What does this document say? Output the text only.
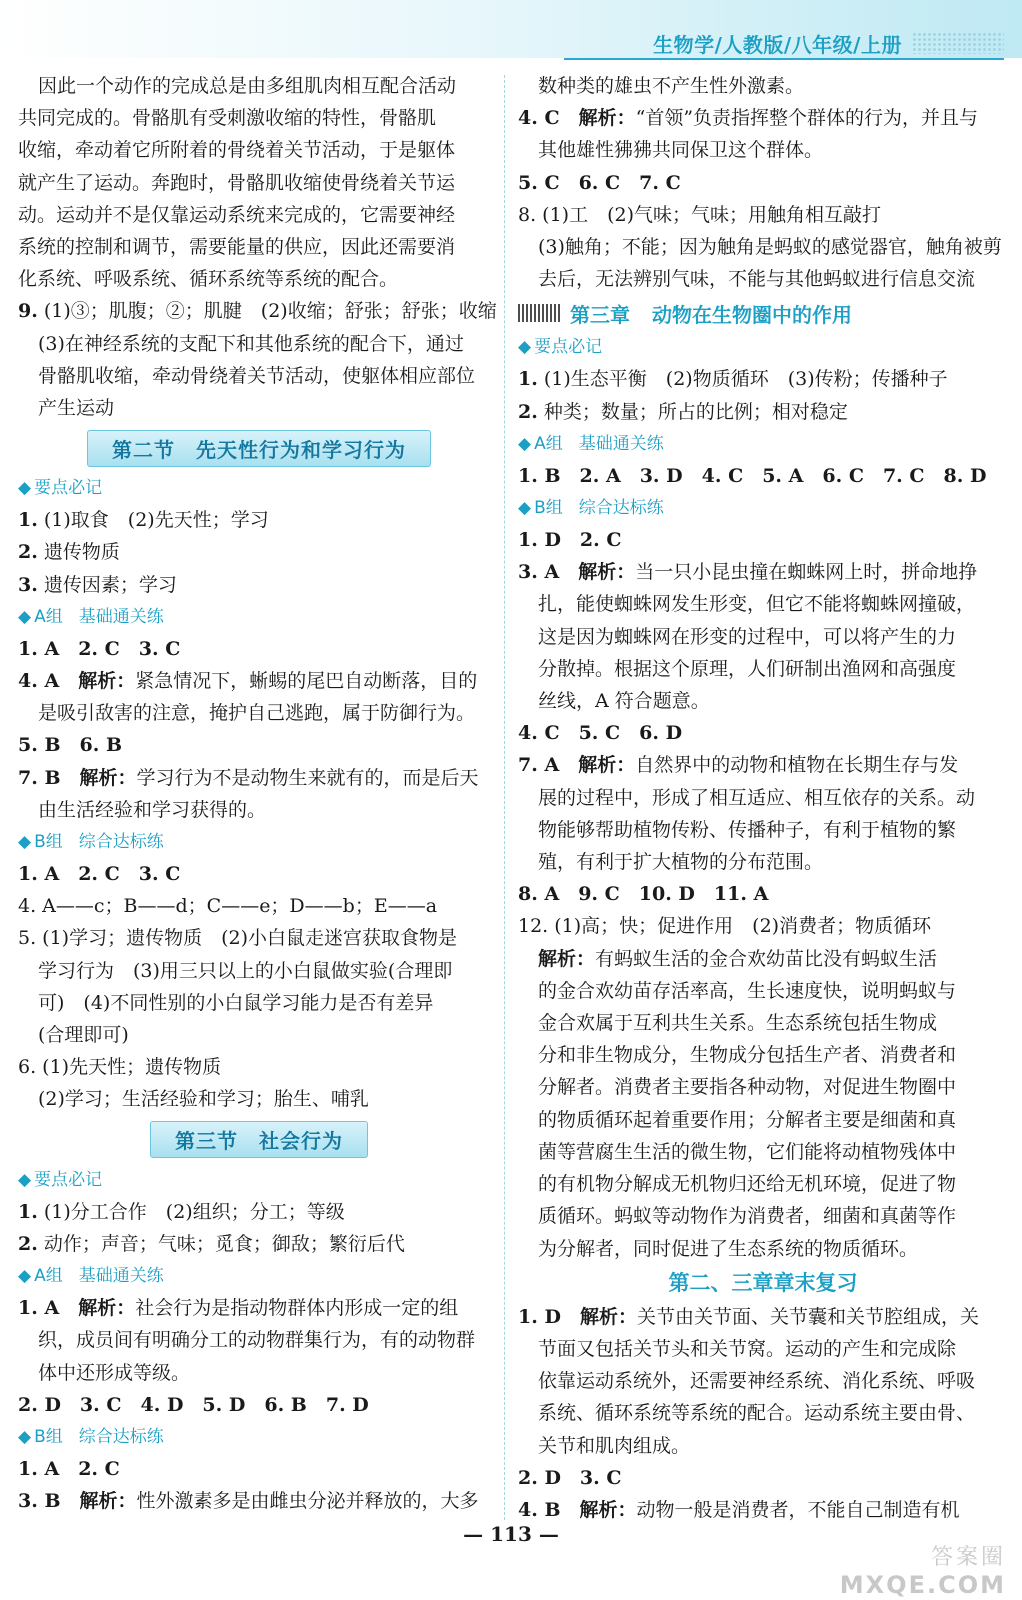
生物学/人教版/八年级/上册
因此一个动作的完成总是由多组肌肉相互配合活动
共同完成的。骨骼肌有受刺激收缩的特性，骨骼肌
收缩，牵动着它所附着的骨绕着关节活动，于是躯体
就产生了运动。奔跑时，骨骼肌收缩使骨绕着关节运
动。运动并不是仅靠运动系统来完成的，它需要神经
系统的控制和调节，需要能量的供应，因此还需要消
化系统、呼吸系统、循环系统等系统的配合。
9. (1)③；肌腹；②；肌腱　(2)收缩；舒张；舒张；收缩
(3)在神经系统的支配下和其他系统的配合下，通过
骨骼肌收缩，牵动骨绕着关节活动，使躯体相应部位
产生运动
第二节　先天性行为和学习行为
◆ 要点必记
1. (1)取食　(2)先天性；学习
2. 遗传物质
3. 遗传因素；学习
◆ A组 基础通关练
1. A　2. C　3. C
4. A　 解析：紧急情况下，蜥蜴的尾巴自动断落，目的
是吸引敌害的注意，掩护自己逃跑，属于防御行为。
5. B　6. B
7. B　 解析：学习行为不是动物生来就有的，而是后天
由生活经验和学习获得的。
◆ B组 综合达标练
1. A　2. C　3. C
4. A——c；B——d；C——e；D——b；E——a
5. (1)学习；遗传物质　(2)小白鼠走迷宫获取食物是
学习行为　(3)用三只以上的小白鼠做实验(合理即
可)　(4)不同性别的小白鼠学习能力是否有差异
(合理即可)
6. (1)先天性；遗传物质
(2)学习；生活经验和学习；胎生、哺乳
第三节　社会行为
◆ 要点必记
1. (1)分工合作　(2)组织；分工；等级
2. 动作；声音；气味；觅食；御敌；繁衍后代
◆ A组 基础通关练
1. A　 解析：社会行为是指动物群体内形成一定的组
织，成员间有明确分工的动物群集行为，有的动物群
体中还形成等级。
2. D　3. C　4. D　5. D　6. B　7. D
◆ B组 综合达标练
1. A　2. C
3. B　 解析：性外激素多是由雌虫分泌并释放的，大多
数种类的雄虫不产生性外激素。
4. C　 解析：“首领”负责指挥整个群体的行为，并且与
其他雄性狒狒共同保卫这个群体。
5. C　6. C　7. C
8. (1)工　(2)气味；气味；用触角相互敲打
(3)触角；不能；因为触角是蚂蚁的感觉器官，触角被剪
去后，无法辨别气味，不能与其他蚂蚁进行信息交流
第三章 动物在生物圈中的作用
◆ 要点必记
1. (1)生态平衡　(2)物质循环　(3)传粉；传播种子
2. 种类；数量；所占的比例；相对稳定
◆ A组 基础通关练
1. B　2. A　3. D　4. C　5. A　6. C　7. C　8. D
◆ B组 综合达标练
1. D　2. C
3. A　 解析：当一只小昆虫撞在蜘蛛网上时，拼命地挣
扎，能使蜘蛛网发生形变，但它不能将蜘蛛网撞破，
这是因为蜘蛛网在形变的过程中，可以将产生的力
分散掉。根据这个原理，人们研制出渔网和高强度
丝线，A 符合题意。
4. C　5. C　6. D
7. A　 解析：自然界中的动物和植物在长期生存与发
展的过程中，形成了相互适应、相互依存的关系。动
物能够帮助植物传粉、传播种子，有利于植物的繁
殖，有利于扩大植物的分布范围。
8. A　9. C　10. D　11. A
12. (1)高；快；促进作用　(2)消费者；物质循环
解析：有蚂蚁生活的金合欢幼苗比没有蚂蚁生活
的金合欢幼苗存活率高，生长速度快，说明蚂蚁与
金合欢属于互利共生关系。生态系统包括生物成
分和非生物成分，生物成分包括生产者、消费者和
分解者。消费者主要指各种动物，对促进生物圈中
的物质循环起着重要作用；分解者主要是细菌和真
菌等营腐生生活的微生物，它们能将动植物残体中
的有机物分解成无机物归还给无机环境，促进了物
质循环。蚂蚁等动物作为消费者，细菌和真菌等作
为分解者，同时促进了生态系统的物质循环。
第二、三章章末复习
1. D　 解析：关节由关节面、关节囊和关节腔组成，关
节面又包括关节头和关节窝。运动的产生和完成除
依靠运动系统外，还需要神经系统、消化系统、呼吸
系统、循环系统等系统的配合。运动系统主要由骨、
关节和肌肉组成。
2. D　3. C
4. B　 解析：动物一般是消费者，不能自己制造有机
— 113 —
答案圈
MXQE.COM
